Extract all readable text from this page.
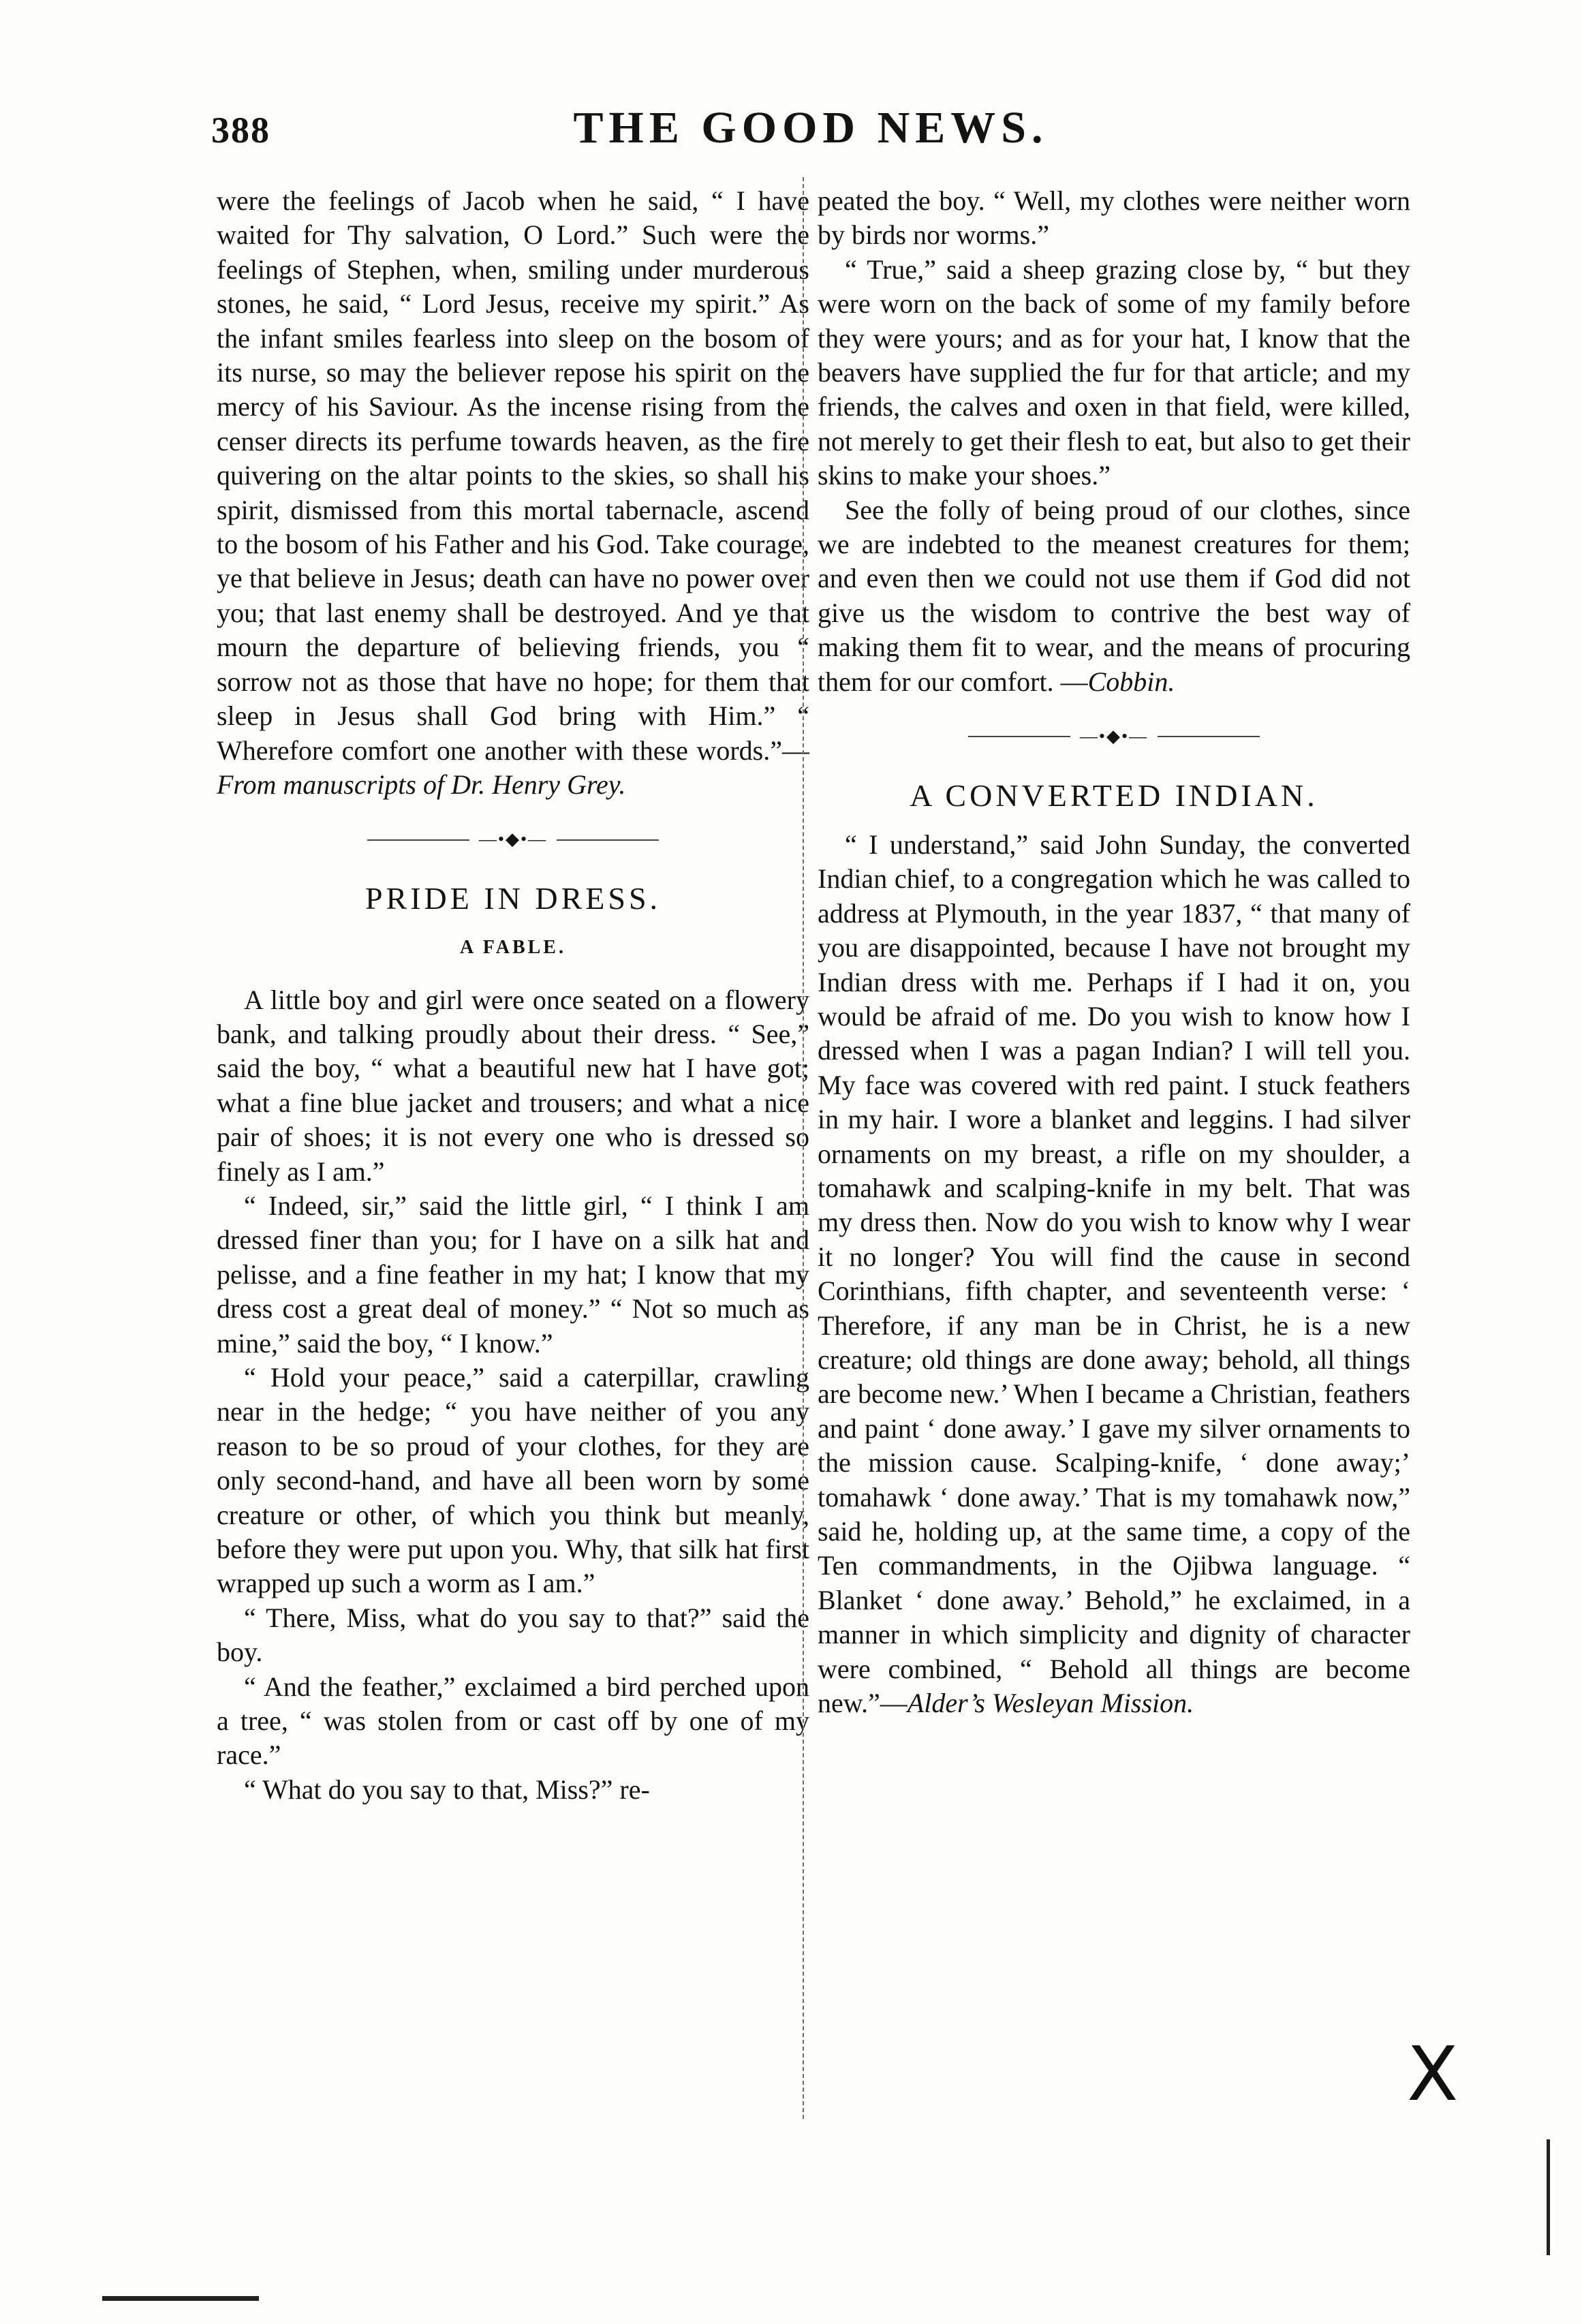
388	THE GOOD NEWS.

were the feelings of Jacob when he said, “ I have waited for Thy salvation, O Lord.” Such were the feelings of Stephen, when, smiling under murderous stones, he said, “ Lord Jesus, receive my spirit.” As the infant smiles fearless into sleep on the bosom of its nurse, so may the believer repose his spirit on the mercy of his Saviour. As the incense rising from the censer directs its perfume towards heaven, as the fire quivering on the altar points to the skies, so shall his spirit, dismissed from this mortal tabernacle, ascend to the bosom of his Father and his God. Take courage, ye that believe in Jesus; death can have no power over you; that last enemy shall be destroyed. And ye that mourn the departure of believing friends, you “ sorrow not as those that have no hope; for them that sleep in Jesus shall God bring with Him.” “ Wherefore comfort one another with these words.”—From manuscripts of Dr. Henry Grey.

—•◆•—
PRIDE IN DRESS.
A FABLE.

A little boy and girl were once seated on a flowery bank, and talking proudly about their dress. “ See,” said the boy, “ what a beautiful new hat I have got; what a fine blue jacket and trousers; and what a nice pair of shoes; it is not every one who is dressed so finely as I am.”

“ Indeed, sir,” said the little girl, “ I think I am dressed finer than you; for I have on a silk hat and pelisse, and a fine feather in my hat; I know that my dress cost a great deal of money.” “ Not so much as mine,” said the boy, “ I know.”

“ Hold your peace,” said a caterpillar, crawling near in the hedge; “ you have neither of you any reason to be so proud of your clothes, for they are only second-hand, and have all been worn by some creature or other, of which you think but meanly, before they were put upon you. Why, that silk hat first wrapped up such a worm as I am.”

“ There, Miss, what do you say to that?” said the boy.

“ And the feather,” exclaimed a bird perched upon a tree, “ was stolen from or cast off by one of my race.”

“ What do you say to that, Miss?” re-

peated the boy. “ Well, my clothes were neither worn by birds nor worms.”

“ True,” said a sheep grazing close by, “ but they were worn on the back of some of my family before they were yours; and as for your hat, I know that the beavers have supplied the fur for that article; and my friends, the calves and oxen in that field, were killed, not merely to get their flesh to eat, but also to get their skins to make your shoes.”

See the folly of being proud of our clothes, since we are indebted to the meanest creatures for them; and even then we could not use them if God did not give us the wisdom to contrive the best way of making them fit to wear, and the means of procuring them for our comfort. —Cobbin.

—•◆•—
A CONVERTED INDIAN.

“ I understand,” said John Sunday, the converted Indian chief, to a congregation which he was called to address at Plymouth, in the year 1837, “ that many of you are disappointed, because I have not brought my Indian dress with me. Perhaps if I had it on, you would be afraid of me. Do you wish to know how I dressed when I was a pagan Indian? I will tell you. My face was covered with red paint. I stuck feathers in my hair. I wore a blanket and leggins. I had silver ornaments on my breast, a rifle on my shoulder, a tomahawk and scalping-knife in my belt. That was my dress then. Now do you wish to know why I wear it no longer? You will find the cause in second Corinthians, fifth chapter, and seventeenth verse: ‘ Therefore, if any man be in Christ, he is a new creature; old things are done away; behold, all things are become new.’ When I became a Christian, feathers and paint ‘ done away.’ I gave my silver ornaments to the mission cause. Scalping-knife, ‘ done away;’ tomahawk ‘ done away.’ That is my tomahawk now,” said he, holding up, at the same time, a copy of the Ten commandments, in the Ojibwa language. “ Blanket ‘ done away.’ Behold,” he exclaimed, in a manner in which simplicity and dignity of character were combined, “ Behold all things are become new.”—Alder’s Wesleyan Mission.

X
